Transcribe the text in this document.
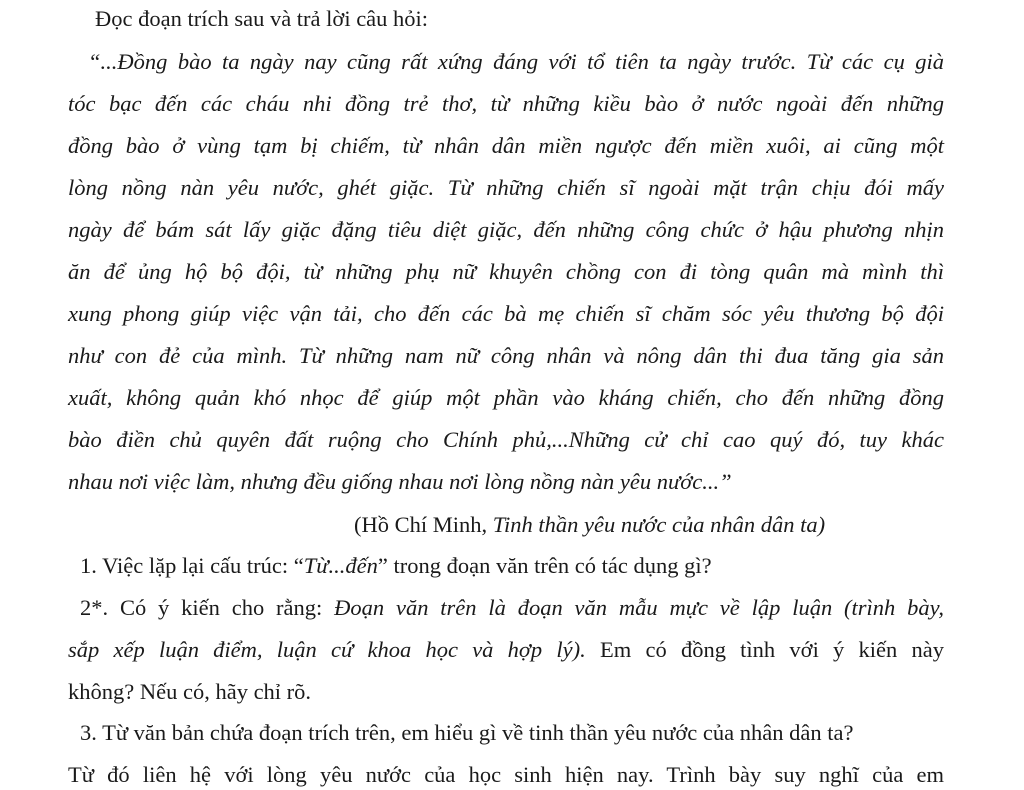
Đọc đoạn trích sau và trả lời câu hỏi:
“...Đồng bào ta ngày nay cũng rất xứng đáng với tổ tiên ta ngày trước. Từ các cụ già
tóc bạc đến các cháu nhi đồng trẻ thơ, từ những kiều bào ở nước ngoài đến những
đồng bào ở vùng tạm bị chiếm, từ nhân dân miền ngược đến miền xuôi, ai cũng một
lòng nồng nàn yêu nước, ghét giặc. Từ những chiến sĩ ngoài mặt trận chịu đói mấy
ngày để bám sát lấy giặc đặng tiêu diệt giặc, đến những công chức ở hậu phương nhịn
ăn để ủng hộ bộ đội, từ những phụ nữ khuyên chồng con đi tòng quân mà mình thì
xung phong giúp việc vận tải, cho đến các bà mẹ chiến sĩ chăm sóc yêu thương bộ đội
như con đẻ của mình. Từ những nam nữ công nhân và nông dân thi đua tăng gia sản
xuất, không quản khó nhọc để giúp một phần vào kháng chiến, cho đến những đồng
bào điền chủ quyên đất ruộng cho Chính phủ,...Những cử chỉ cao quý đó, tuy khác
nhau nơi việc làm, nhưng đều giống nhau nơi lòng nồng nàn yêu nước...”
(Hồ Chí Minh, Tinh thần yêu nước của nhân dân ta)
1. Việc lặp lại cấu trúc: “Từ...đến” trong đoạn văn trên có tác dụng gì?
2*. Có ý kiến cho rằng: Đoạn văn trên là đoạn văn mẫu mực về lập luận (trình bày,
sắp xếp luận điểm, luận cứ khoa học và hợp lý). Em có đồng tình với ý kiến này
không? Nếu có, hãy chỉ rõ.
3. Từ văn bản chứa đoạn trích trên, em hiểu gì về tinh thần yêu nước của nhân dân ta?
Từ đó liên hệ với lòng yêu nước của học sinh hiện nay. Trình bày suy nghĩ của em
